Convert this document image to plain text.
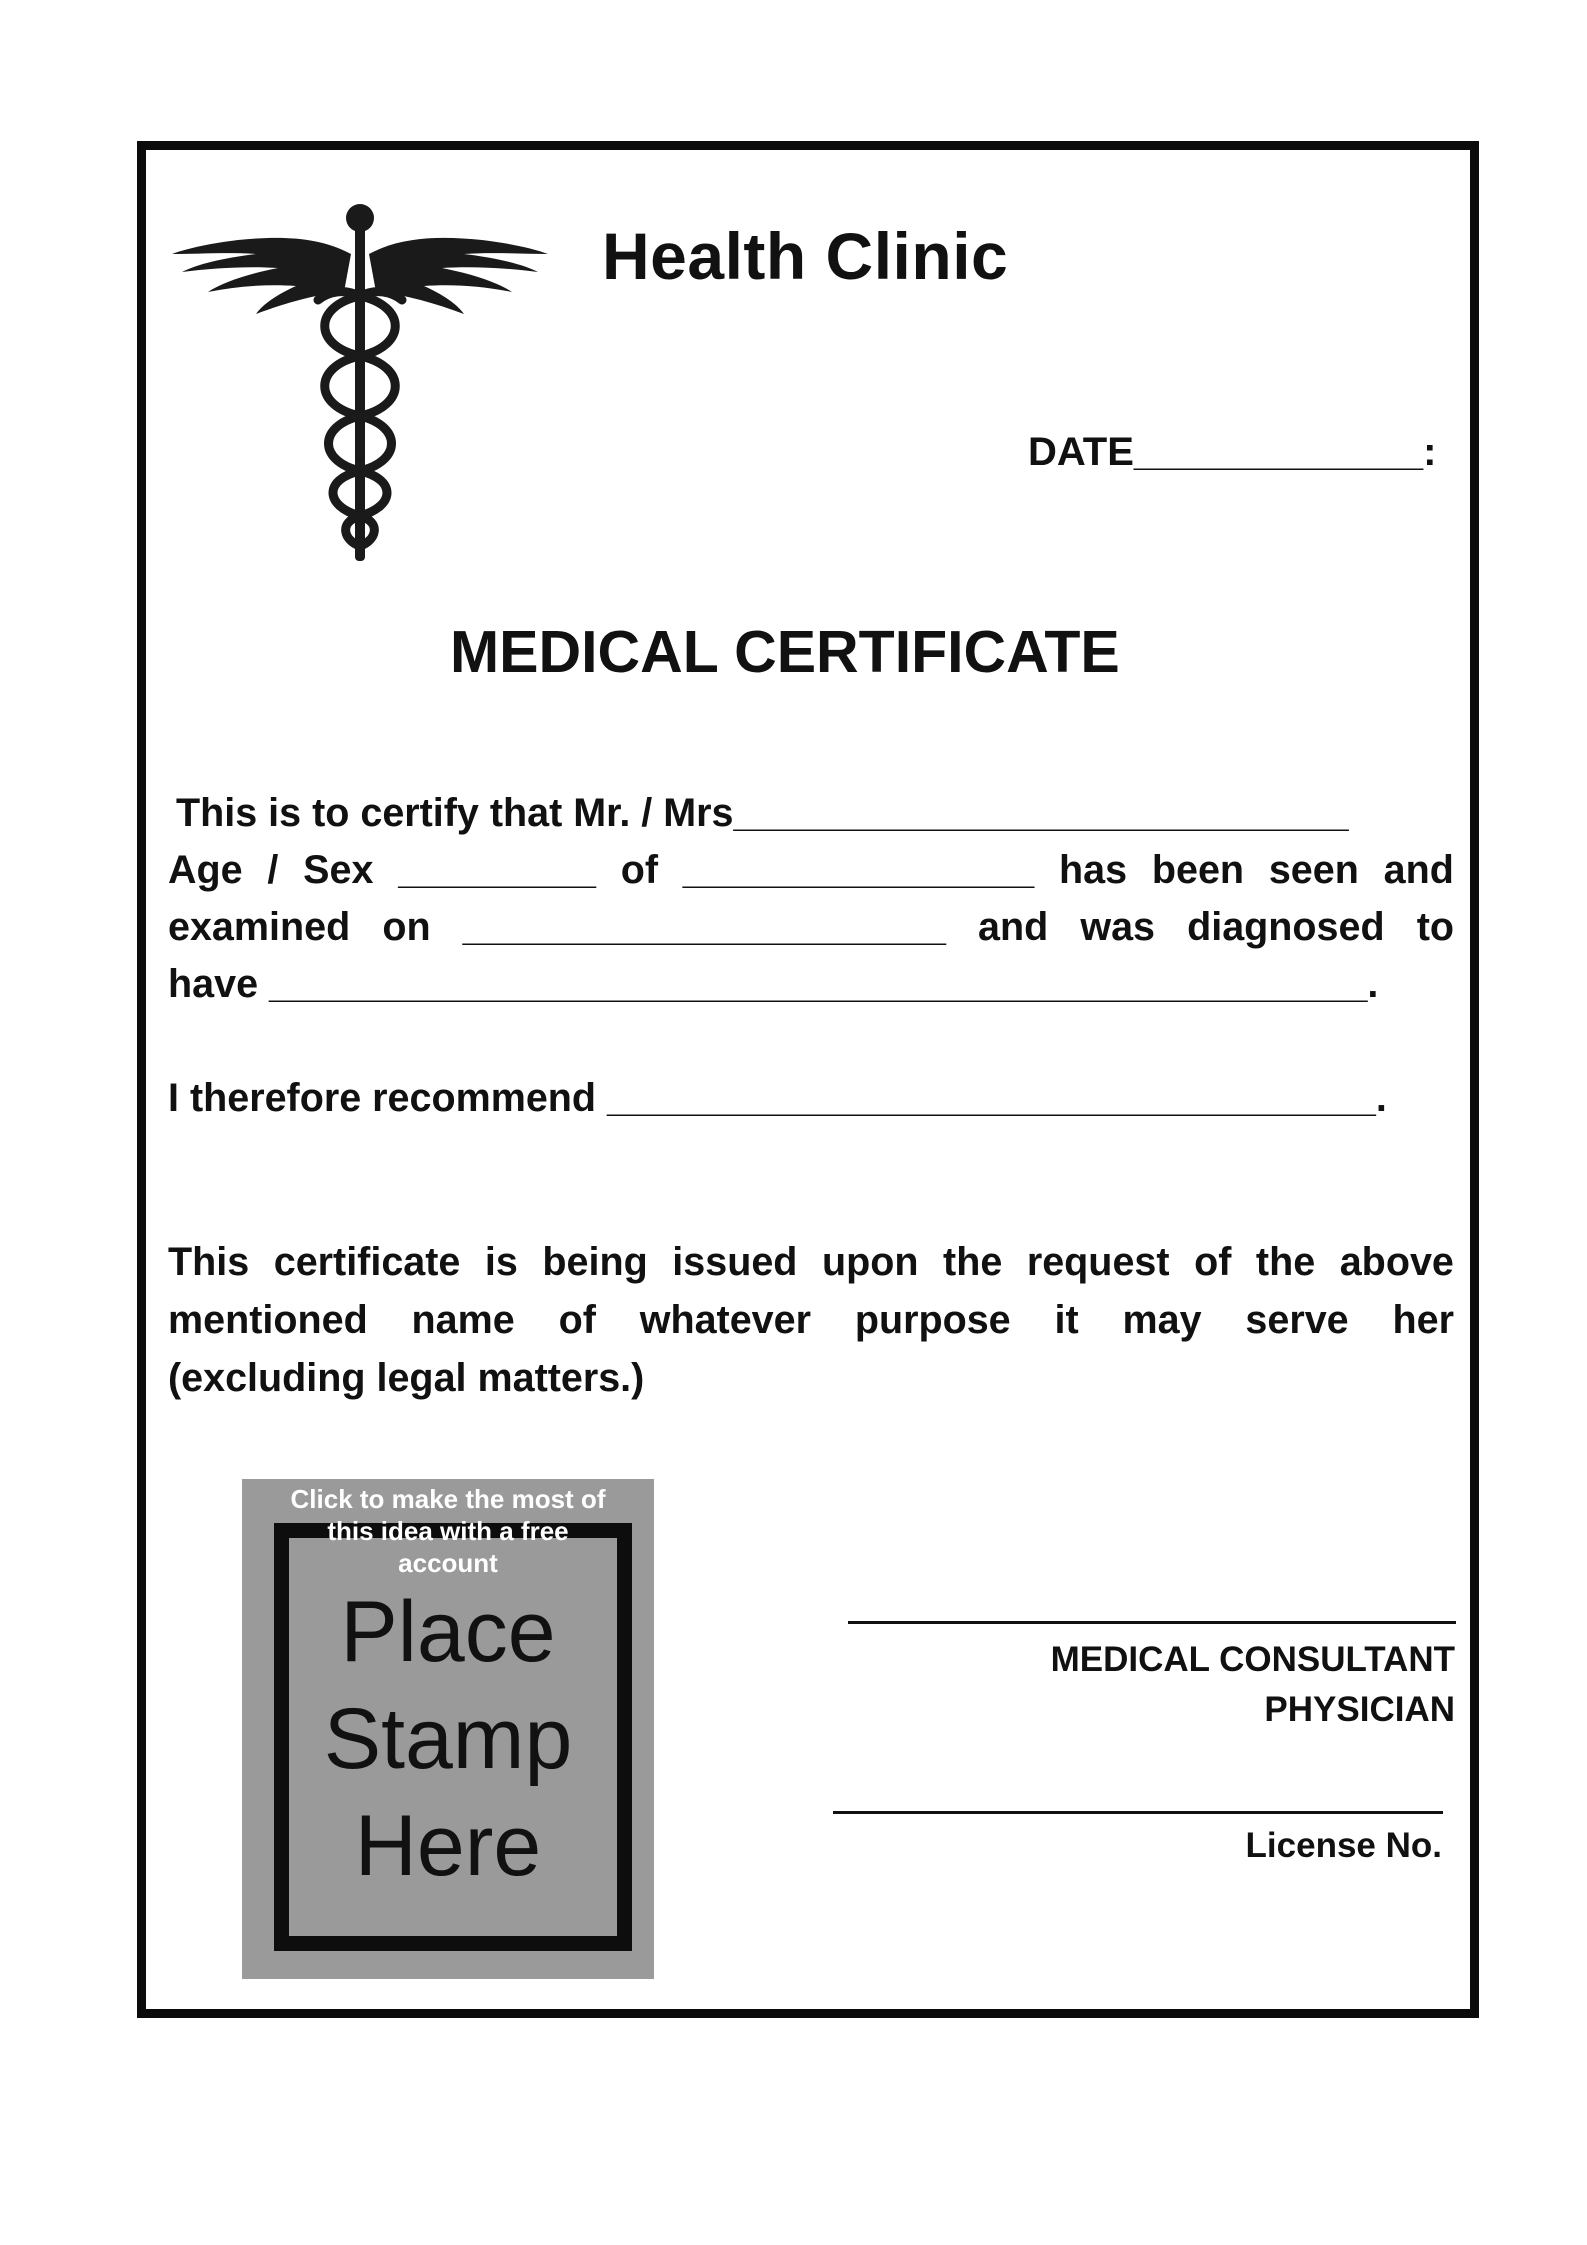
Health Clinic
DATE_____________:
MEDICAL CERTIFICATE
This is to certify that Mr. / Mrs____________________________
Age / Sex _________ of ________________ has been seen and
examined on ______________________ and was diagnosed to
have __________________________________________________.
I therefore recommend ___________________________________.
This certificate is being issued upon the request of the above
mentioned name of whatever purpose it may serve her
(excluding legal matters.)
Click to make the most of
this idea with a free
account
Place
Stamp
Here
MEDICAL CONSULTANT
PHYSICIAN
License No.
